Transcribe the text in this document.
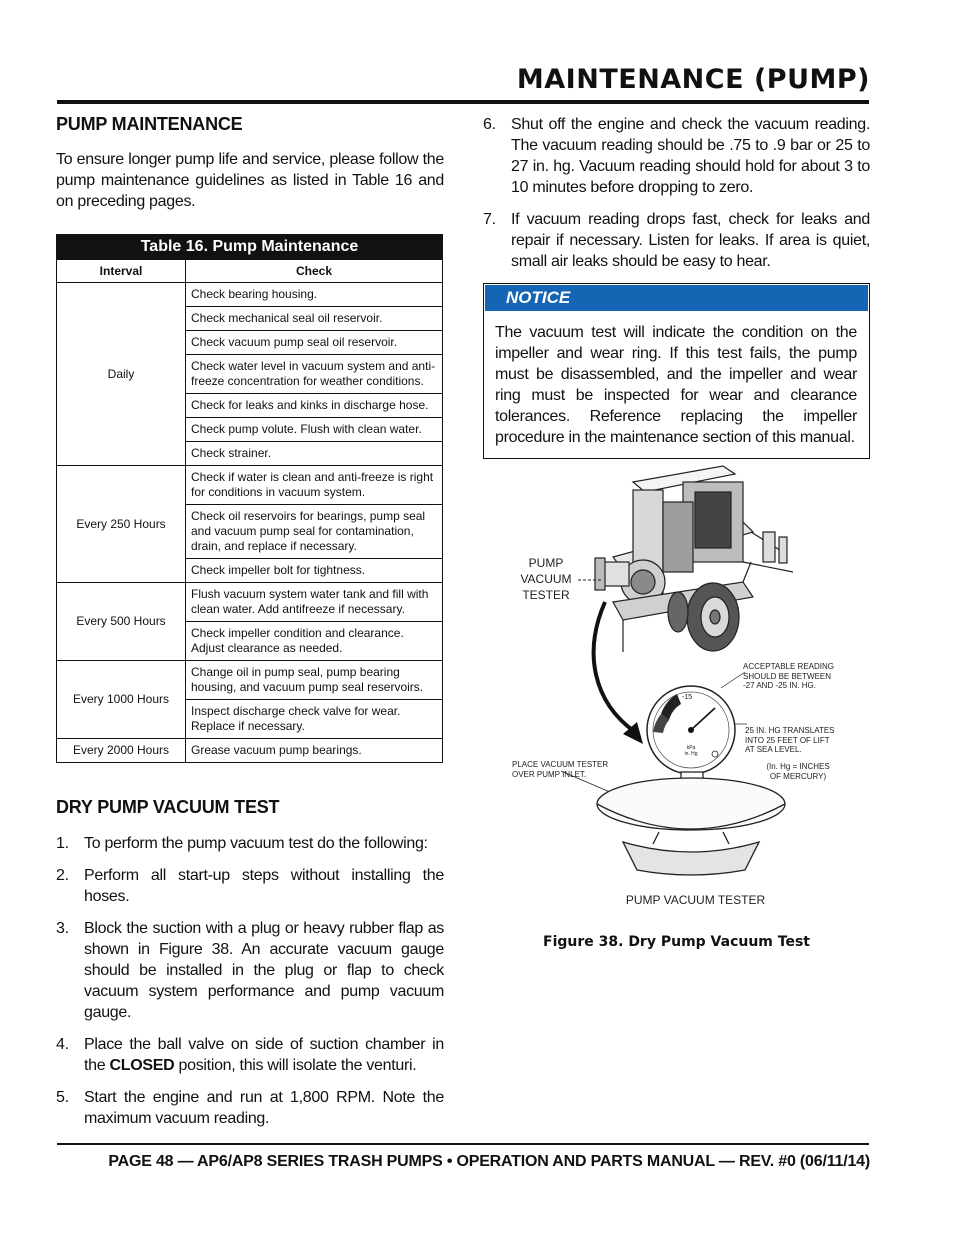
MAINTENANCE (PUMP)
PUMP MAINTENANCE

To ensure longer pump life and service, please follow the pump maintenance guidelines as listed in Table 16 and on preceding pages.

Table 16. Pump Maintenance
Interval	Check
Daily	Check bearing housing.
	Check mechanical seal oil reservoir.
	Check vacuum pump seal oil reservoir.
	Check water level in vacuum system and anti-freeze concentration for weather conditions.
	Check for leaks and kinks in discharge hose.
	Check pump volute. Flush with clean water.
	Check strainer.
Every 250 Hours	Check if water is clean and anti-freeze is right for conditions in vacuum system.
	Check oil reservoirs for bearings, pump seal and vacuum pump seal for contamination, drain, and replace if necessary.
	Check impeller bolt for tightness.
Every 500 Hours	Flush vacuum system water tank and fill with clean water. Add antifreeze if necessary.
	Check impeller condition and clearance. Adjust clearance as needed.
Every 1000 Hours	Change oil in pump seal, pump bearing housing, and vacuum pump seal reservoirs.
	Inspect discharge check valve for wear. Replace if necessary.
Every 2000 Hours	Grease vacuum pump bearings.
DRY PUMP VACUUM TEST
1. To perform the pump vacuum test do the following:
2. Perform all start-up steps without installing the hoses.
3. Block the suction with a plug or heavy rubber flap as shown in Figure 38. An accurate vacuum gauge should be installed in the plug or flap to check vacuum system performance and pump vacuum gauge.
4. Place the ball valve on side of suction chamber in the CLOSED position, this will isolate the venturi.
5. Start the engine and run at 1,800 RPM. Note the maximum vacuum reading.
6. Shut off the engine and check the vacuum reading. The vacuum reading should be .75 to .9 bar or 25 to 27 in. hg. Vacuum reading should hold for about 3 to 10 minutes before dropping to zero.
7. If vacuum reading drops fast, check for leaks and repair if necessary. Listen for leaks. If area is quiet, small air leaks should be easy to hear.
NOTICE
The vacuum test will indicate the condition on the impeller and wear ring. If this test fails, the pump must be disassembled, and the impeller and wear ring must be inspected for wear and clearance tolerances. Reference replacing the impeller procedure in the maintenance section of this manual.
PUMP
VACUUM
TESTER
ACCEPTABLE READING
SHOULD BE BETWEEN
-27 AND -25 IN. HG.
25 IN. HG TRANSLATES
INTO 25 FEET OF LIFT
AT SEA LEVEL.
(In. Hg = INCHES
OF MERCURY)
PLACE VACUUM TESTER
OVER PUMP INLET.
-15
-25
kPa
in. Hg
PUMP VACUUM TESTER
Figure 38. Dry Pump Vacuum Test
PAGE 48 — AP6/AP8 SERIES TRASH PUMPS • OPERATION AND PARTS MANUAL — REV. #0 (06/11/14)
